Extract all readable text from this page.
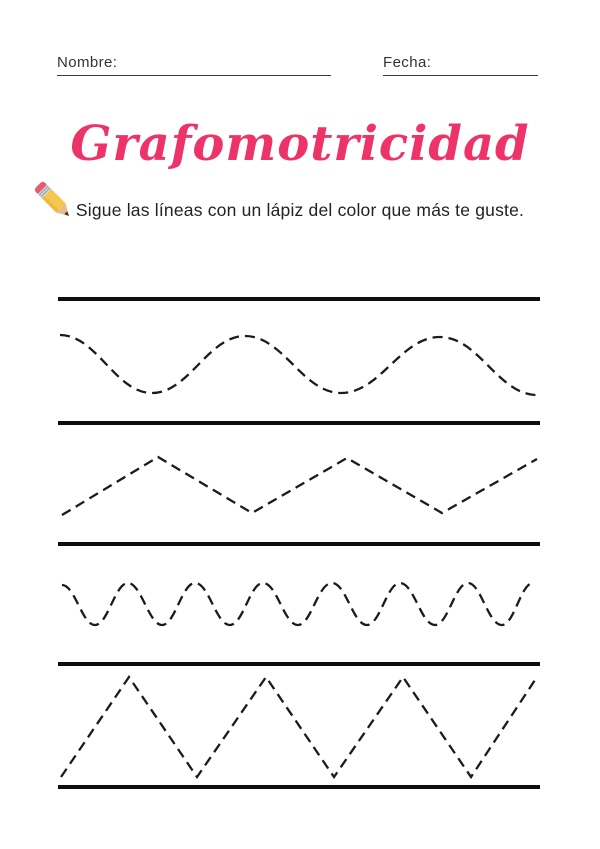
Nombre:	Fecha:
Grafomotricidad
Sigue las líneas con un lápiz del color que más te guste.
